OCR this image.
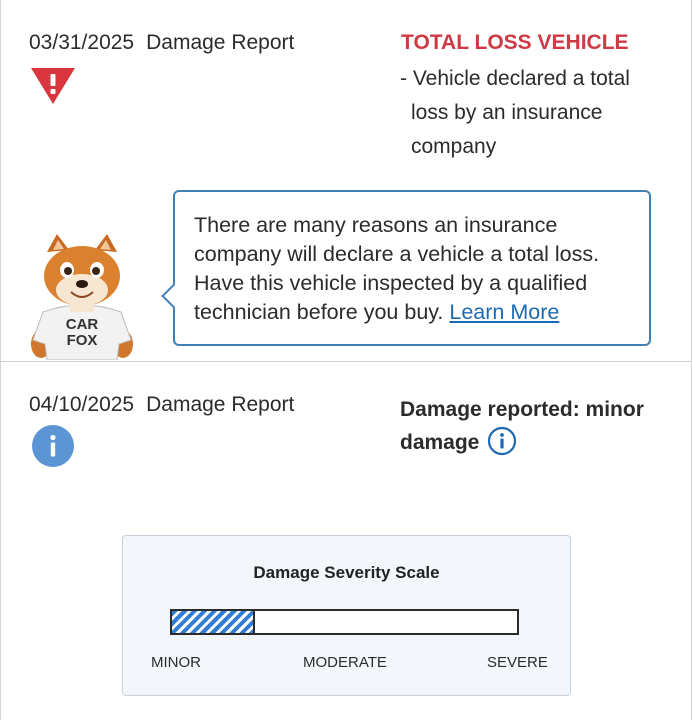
03/31/2025 Damage Report	TOTAL LOSS VEHICLE
- Vehicle declared a total
loss by an insurance
company
CAR
FOX
There are many reasons an insurance company will declare a vehicle a total loss. Have this vehicle inspected by a qualified technician before you buy. Learn More
04/10/2025 Damage Report	Damage reported: minor damage
Damage Severity Scale
MINOR	MODERATE	SEVERE
